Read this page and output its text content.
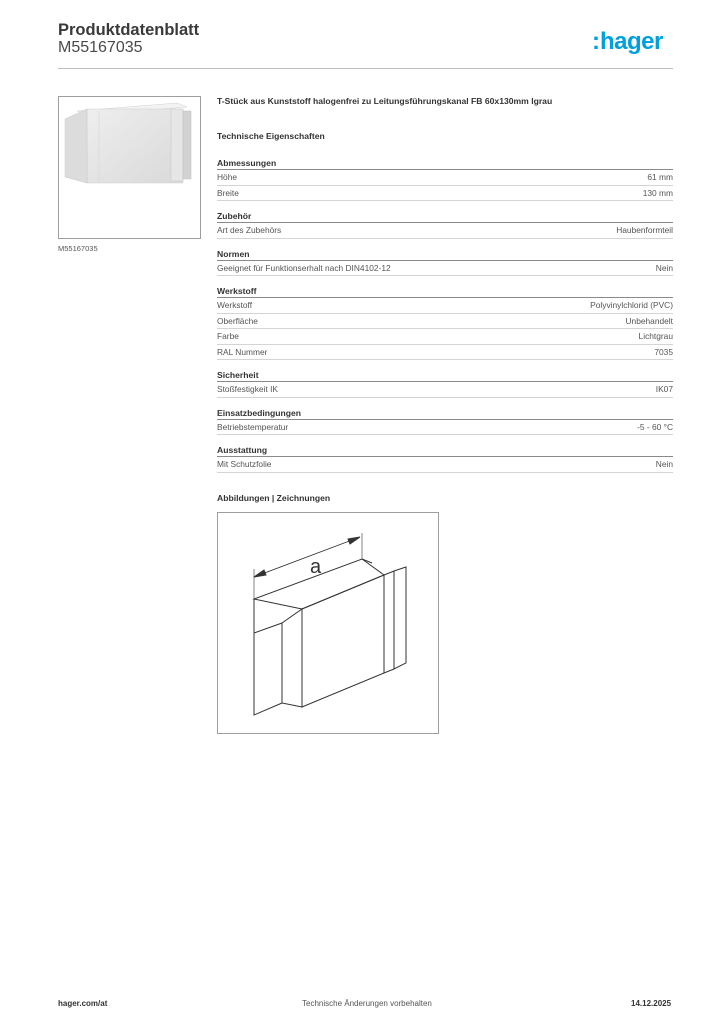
Produktdatenblatt
M55167035	: hager
M55167035
T-Stück aus Kunststoff halogenfrei zu Leitungsführungskanal FB 60x130mm lgrau
Technische Eigenschaften
Abmessungen
Höhe	61 mm
Breite	130 mm
Zubehör
Art des Zubehörs	Haubenformteil
Normen
Geeignet für Funktionserhalt nach DIN4102-12	Nein
Werkstoff
Werkstoff	Polyvinylchlorid (PVC)
Oberfläche	Unbehandelt
Farbe	Lichtgrau
RAL Nummer	7035
Sicherheit
Stoßfestigkeit IK	IK07
Einsatzbedingungen
Betriebstemperatur	-5 - 60 °C
Ausstattung
Mit Schutzfolie	Nein
Abbildungen | Zeichnungen
a
hager.com/at	Technische Änderungen vorbehalten	14.12.2025
